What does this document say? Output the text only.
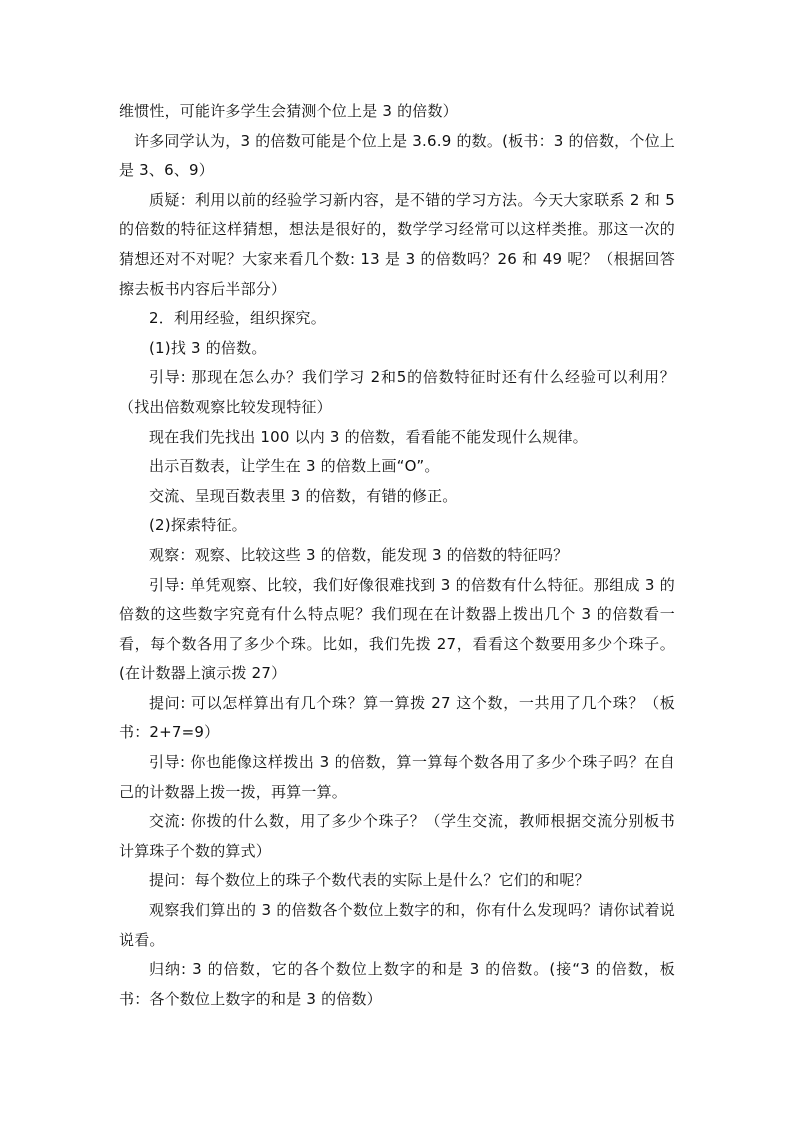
维惯性，可能许多学生会猜测个位上是 3 的倍数）

许多同学认为，3 的倍数可能是个位上是 3.6.9 的数。(板书：3 的倍数，个位上是 3、6、9）

质疑：利用以前的经验学习新内容，是不错的学习方法。今天大家联系 2 和 5 的倍数的特征这样猜想，想法是很好的，数学学习经常可以这样类推。那这一次的猜想还对不对呢？大家来看几个数: 13 是 3 的倍数吗？26 和 49 呢？（根据回答擦去板书内容后半部分）

2．利用经验，组织探究。

(1)找 3 的倍数。

引导: 那现在怎么办？我们学习 2和5的倍数特征时还有什么经验可以利用？（找出倍数观察比较发现特征）

现在我们先找出 100 以内 3 的倍数，看看能不能发现什么规律。

出示百数表，让学生在 3 的倍数上画“O”。

交流、呈现百数表里 3 的倍数，有错的修正。

(2)探索特征。

观察：观察、比较这些 3 的倍数，能发现 3 的倍数的特征吗？

引导: 单凭观察、比较，我们好像很难找到 3 的倍数有什么特征。那组成 3 的倍数的这些数字究竟有什么特点呢？我们现在在计数器上拨出几个 3 的倍数看一看，每个数各用了多少个珠。比如，我们先拨 27，看看这个数要用多少个珠子。(在计数器上演示拨 27）

提问: 可以怎样算出有几个珠？算一算拨 27 这个数，一共用了几个珠？（板书：2+7=9）

引导: 你也能像这样拨出 3 的倍数，算一算每个数各用了多少个珠子吗？在自己的计数器上拨一拨，再算一算。

交流: 你拨的什么数，用了多少个珠子？（学生交流，教师根据交流分别板书计算珠子个数的算式）

提问：每个数位上的珠子个数代表的实际上是什么？它们的和呢？

观察我们算出的 3 的倍数各个数位上数字的和，你有什么发现吗？请你试着说说看。

归纳: 3 的倍数，它的各个数位上数字的和是 3 的倍数。(接“3 的倍数，板书：各个数位上数字的和是 3 的倍数）
